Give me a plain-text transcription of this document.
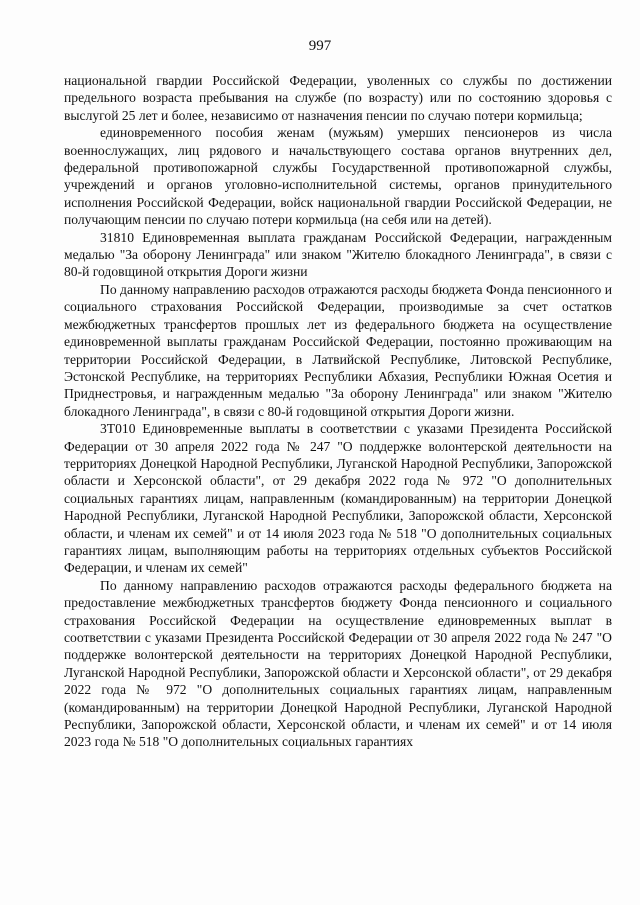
997

национальной гвардии Российской Федерации, уволенных со службы по достижении предельного возраста пребывания на службе (по возрасту) или по состоянию здоровья с выслугой 25 лет и более, независимо от назначения пенсии по случаю потери кормильца;

единовременного пособия женам (мужьям) умерших пенсионеров из числа военнослужащих, лиц рядового и начальствующего состава органов внутренних дел, федеральной противопожарной службы Государственной противопожарной службы, учреждений и органов уголовно-исполнительной системы, органов принудительного исполнения Российской Федерации, войск национальной гвардии Российской Федерации, не получающим пенсии по случаю потери кормильца (на себя или на детей).

31810 Единовременная выплата гражданам Российской Федерации, награжденным медалью "За оборону Ленинграда" или знаком "Жителю блокадного Ленинграда", в связи с 80-й годовщиной открытия Дороги жизни

По данному направлению расходов отражаются расходы бюджета Фонда пенсионного и социального страхования Российской Федерации, производимые за счет остатков межбюджетных трансфертов прошлых лет из федерального бюджета на осуществление единовременной выплаты гражданам Российской Федерации, постоянно проживающим на территории Российской Федерации, в Латвийской Республике, Литовской Республике, Эстонской Республике, на территориях Республики Абхазия, Республики Южная Осетия и Приднестровья, и награжденным медалью "За оборону Ленинграда" или знаком "Жителю блокадного Ленинграда", в связи с 80-й годовщиной открытия Дороги жизни.

3Т010 Единовременные выплаты в соответствии с указами Президента Российской Федерации от 30 апреля 2022 года № 247 "О поддержке волонтерской деятельности на территориях Донецкой Народной Республики, Луганской Народной Республики, Запорожской области и Херсонской области", от 29 декабря 2022 года № 972 "О дополнительных социальных гарантиях лицам, направленным (командированным) на территории Донецкой Народной Республики, Луганской Народной Республики, Запорожской области, Херсонской области, и членам их семей" и от 14 июля 2023 года № 518 "О дополнительных социальных гарантиях лицам, выполняющим работы на территориях отдельных субъектов Российской Федерации, и членам их семей"

По данному направлению расходов отражаются расходы федерального бюджета на предоставление межбюджетных трансфертов бюджету Фонда пенсионного и социального страхования Российской Федерации на осуществление единовременных выплат в соответствии с указами Президента Российской Федерации от 30 апреля 2022 года № 247 "О поддержке волонтерской деятельности на территориях Донецкой Народной Республики, Луганской Народной Республики, Запорожской области и Херсонской области", от 29 декабря 2022 года № 972 "О дополнительных социальных гарантиях лицам, направленным (командированным) на территории Донецкой Народной Республики, Луганской Народной Республики, Запорожской области, Херсонской области, и членам их семей" и от 14 июля 2023 года № 518 "О дополнительных социальных гарантиях
